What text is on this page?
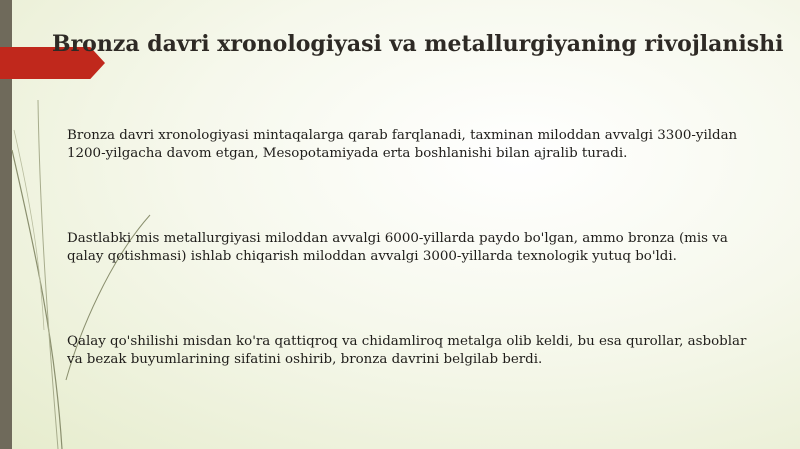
Bronza davri xronologiyasi va metallurgiyaning rivojlanishi

Bronza davri xronologiyasi mintaqalarga qarab farqlanadi, taxminan miloddan avvalgi 3300-yildan 1200-yilgacha davom etgan, Mesopotamiyada erta boshlanishi bilan ajralib turadi.

Dastlabki mis metallurgiyasi miloddan avvalgi 6000-yillarda paydo bo'lgan, ammo bronza (mis va qalay qotishmasi) ishlab chiqarish miloddan avvalgi 3000-yillarda texnologik yutuq bo'ldi.

Qalay qo'shilishi misdan ko'ra qattiqroq va chidamliroq metalga olib keldi, bu esa qurollar, asboblar va bezak buyumlarining sifatini oshirib, bronza davrini belgilab berdi.
